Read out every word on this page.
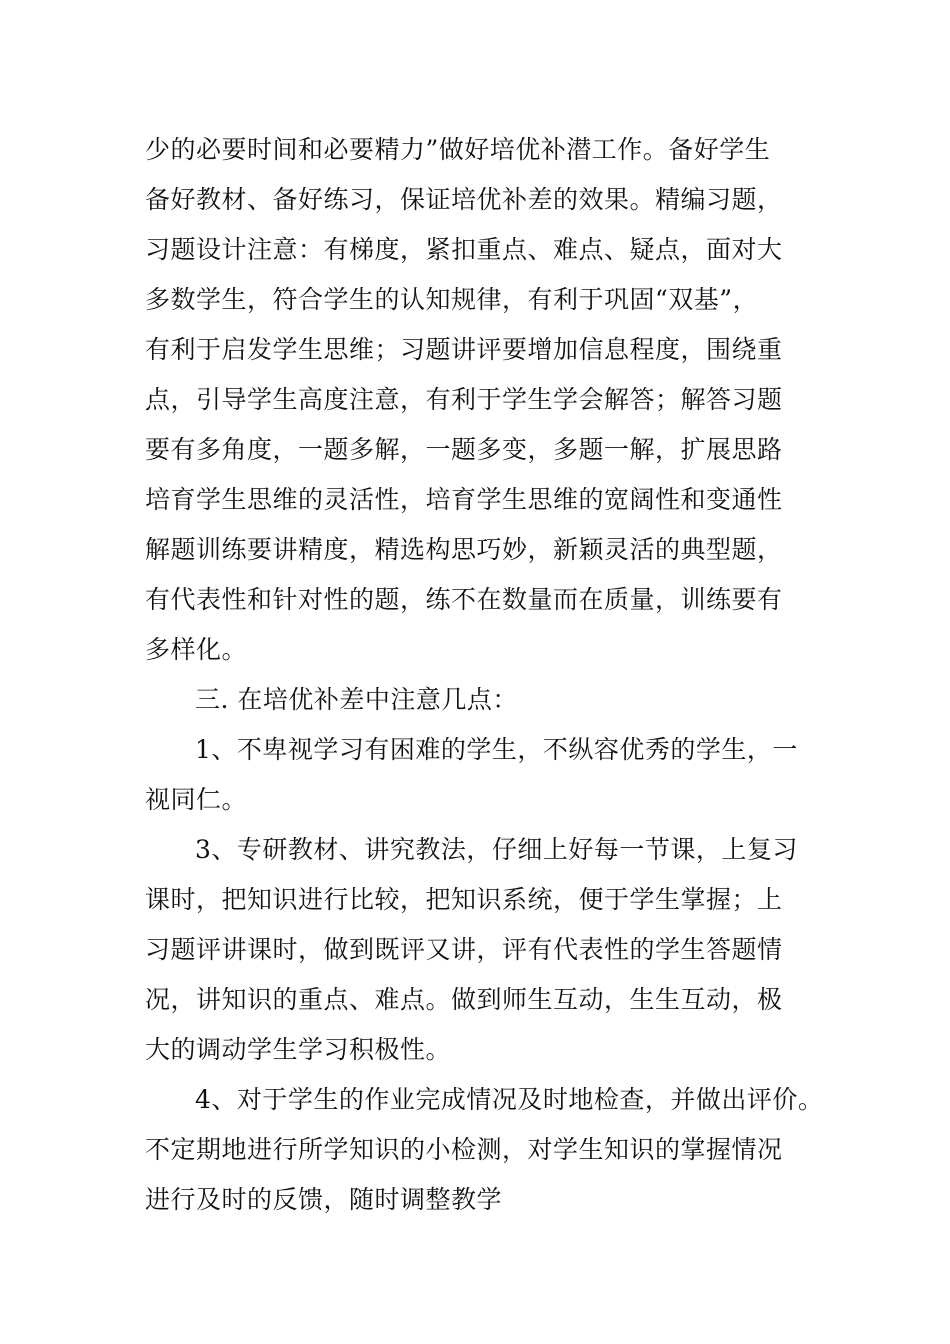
少的必要时间和必要精力”做好培优补潜工作。备好学生
备好教材、备好练习，保证培优补差的效果。精编习题，
习题设计注意：有梯度，紧扣重点、难点、疑点，面对大
多数学生，符合学生的认知规律，有利于巩固“双基”，
有利于启发学生思维；习题讲评要增加信息程度，围绕重
点，引导学生高度注意，有利于学生学会解答；解答习题
要有多角度，一题多解，一题多变，多题一解，扩展思路
培育学生思维的灵活性，培育学生思维的宽阔性和变通性
解题训练要讲精度，精选构思巧妙，新颖灵活的典型题，
有代表性和针对性的题，练不在数量而在质量，训练要有
多样化。
三. 在培优补差中注意几点：
1、不卑视学习有困难的学生，不纵容优秀的学生，一
视同仁。
3、专研教材、讲究教法，仔细上好每一节课，上复习
课时，把知识进行比较，把知识系统，便于学生掌握；上
习题评讲课时，做到既评又讲，评有代表性的学生答题情
况，讲知识的重点、难点。做到师生互动，生生互动，极
大的调动学生学习积极性。
4、对于学生的作业完成情况及时地检查，并做出评价。
不定期地进行所学知识的小检测，对学生知识的掌握情况
进行及时的反馈，随时调整教学
